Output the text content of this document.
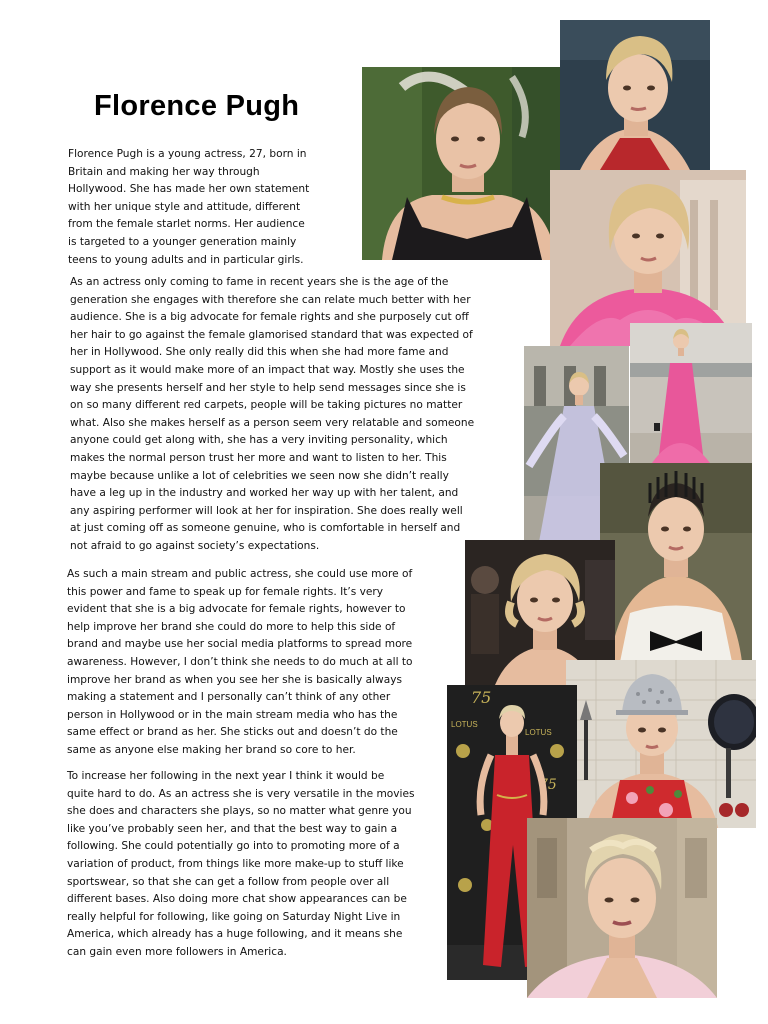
Florence Pugh
Florence Pugh is a young actress, 27, born in
Britain and making her way through
Hollywood. She has made her own statement
with her unique style and attitude, different
from the female starlet norms. Her audience
is targeted to a younger generation mainly
teens to young adults and in particular girls.
As an actress only coming to fame in recent years she is the age of the
generation she engages with therefore she can relate much better with her
audience. She is a big advocate for female rights and she purposely cut off
her hair to go against the female glamorised standard that was expected of
her in Hollywood. She only really did this when she had more fame and
support as it would make more of an impact that way. Mostly she uses the
way she presents herself and her style to help send messages since she is
on so many different red carpets, people will be taking pictures no matter
what. Also she makes herself as a person seem very relatable and someone
anyone could get along with, she has a very inviting personality, which
makes the normal person trust her more and want to listen to her. This
maybe because unlike a lot of celebrities we seen now she didn’t really
have a leg up in the industry and worked her way up with her talent, and
any aspiring performer will look at her for inspiration. She does really well
at just coming off as someone genuine, who is comfortable in herself and
not afraid to go against society’s expectations.
As such a main stream and public actress, she could use more of
this power and fame to speak up for female rights. It’s very
evident that she is a big advocate for female rights, however to
help improve her brand she could do more to help this side of
brand and maybe use her social media platforms to spread more
awareness. However, I don’t think she needs to do much at all to
improve her brand as when you see her she is basically always
making a statement and I personally can’t think of any other
person in Hollywood or in the main stream media who has the
same effect or brand as her. She sticks out and doesn’t do the
same as anyone else making her brand so core to her.
To increase her following in the next year I think it would be
quite hard to do. As an actress she is very versatile in the movies
she does and characters she plays, so no matter what genre you
like you’ve probably seen her, and that the best way to gain a
following. She could potentially go into to promoting more of a
variation of product, from things like more make-up to stuff like
sportswear, so that she can get a follow from people over all
different bases. Also doing more chat show appearances can be
really helpful for following, like going on Saturday Night Live in
America, which already has a huge following, and it means she
can gain even more followers in America.
75
LOTUS
LOTUS
75
